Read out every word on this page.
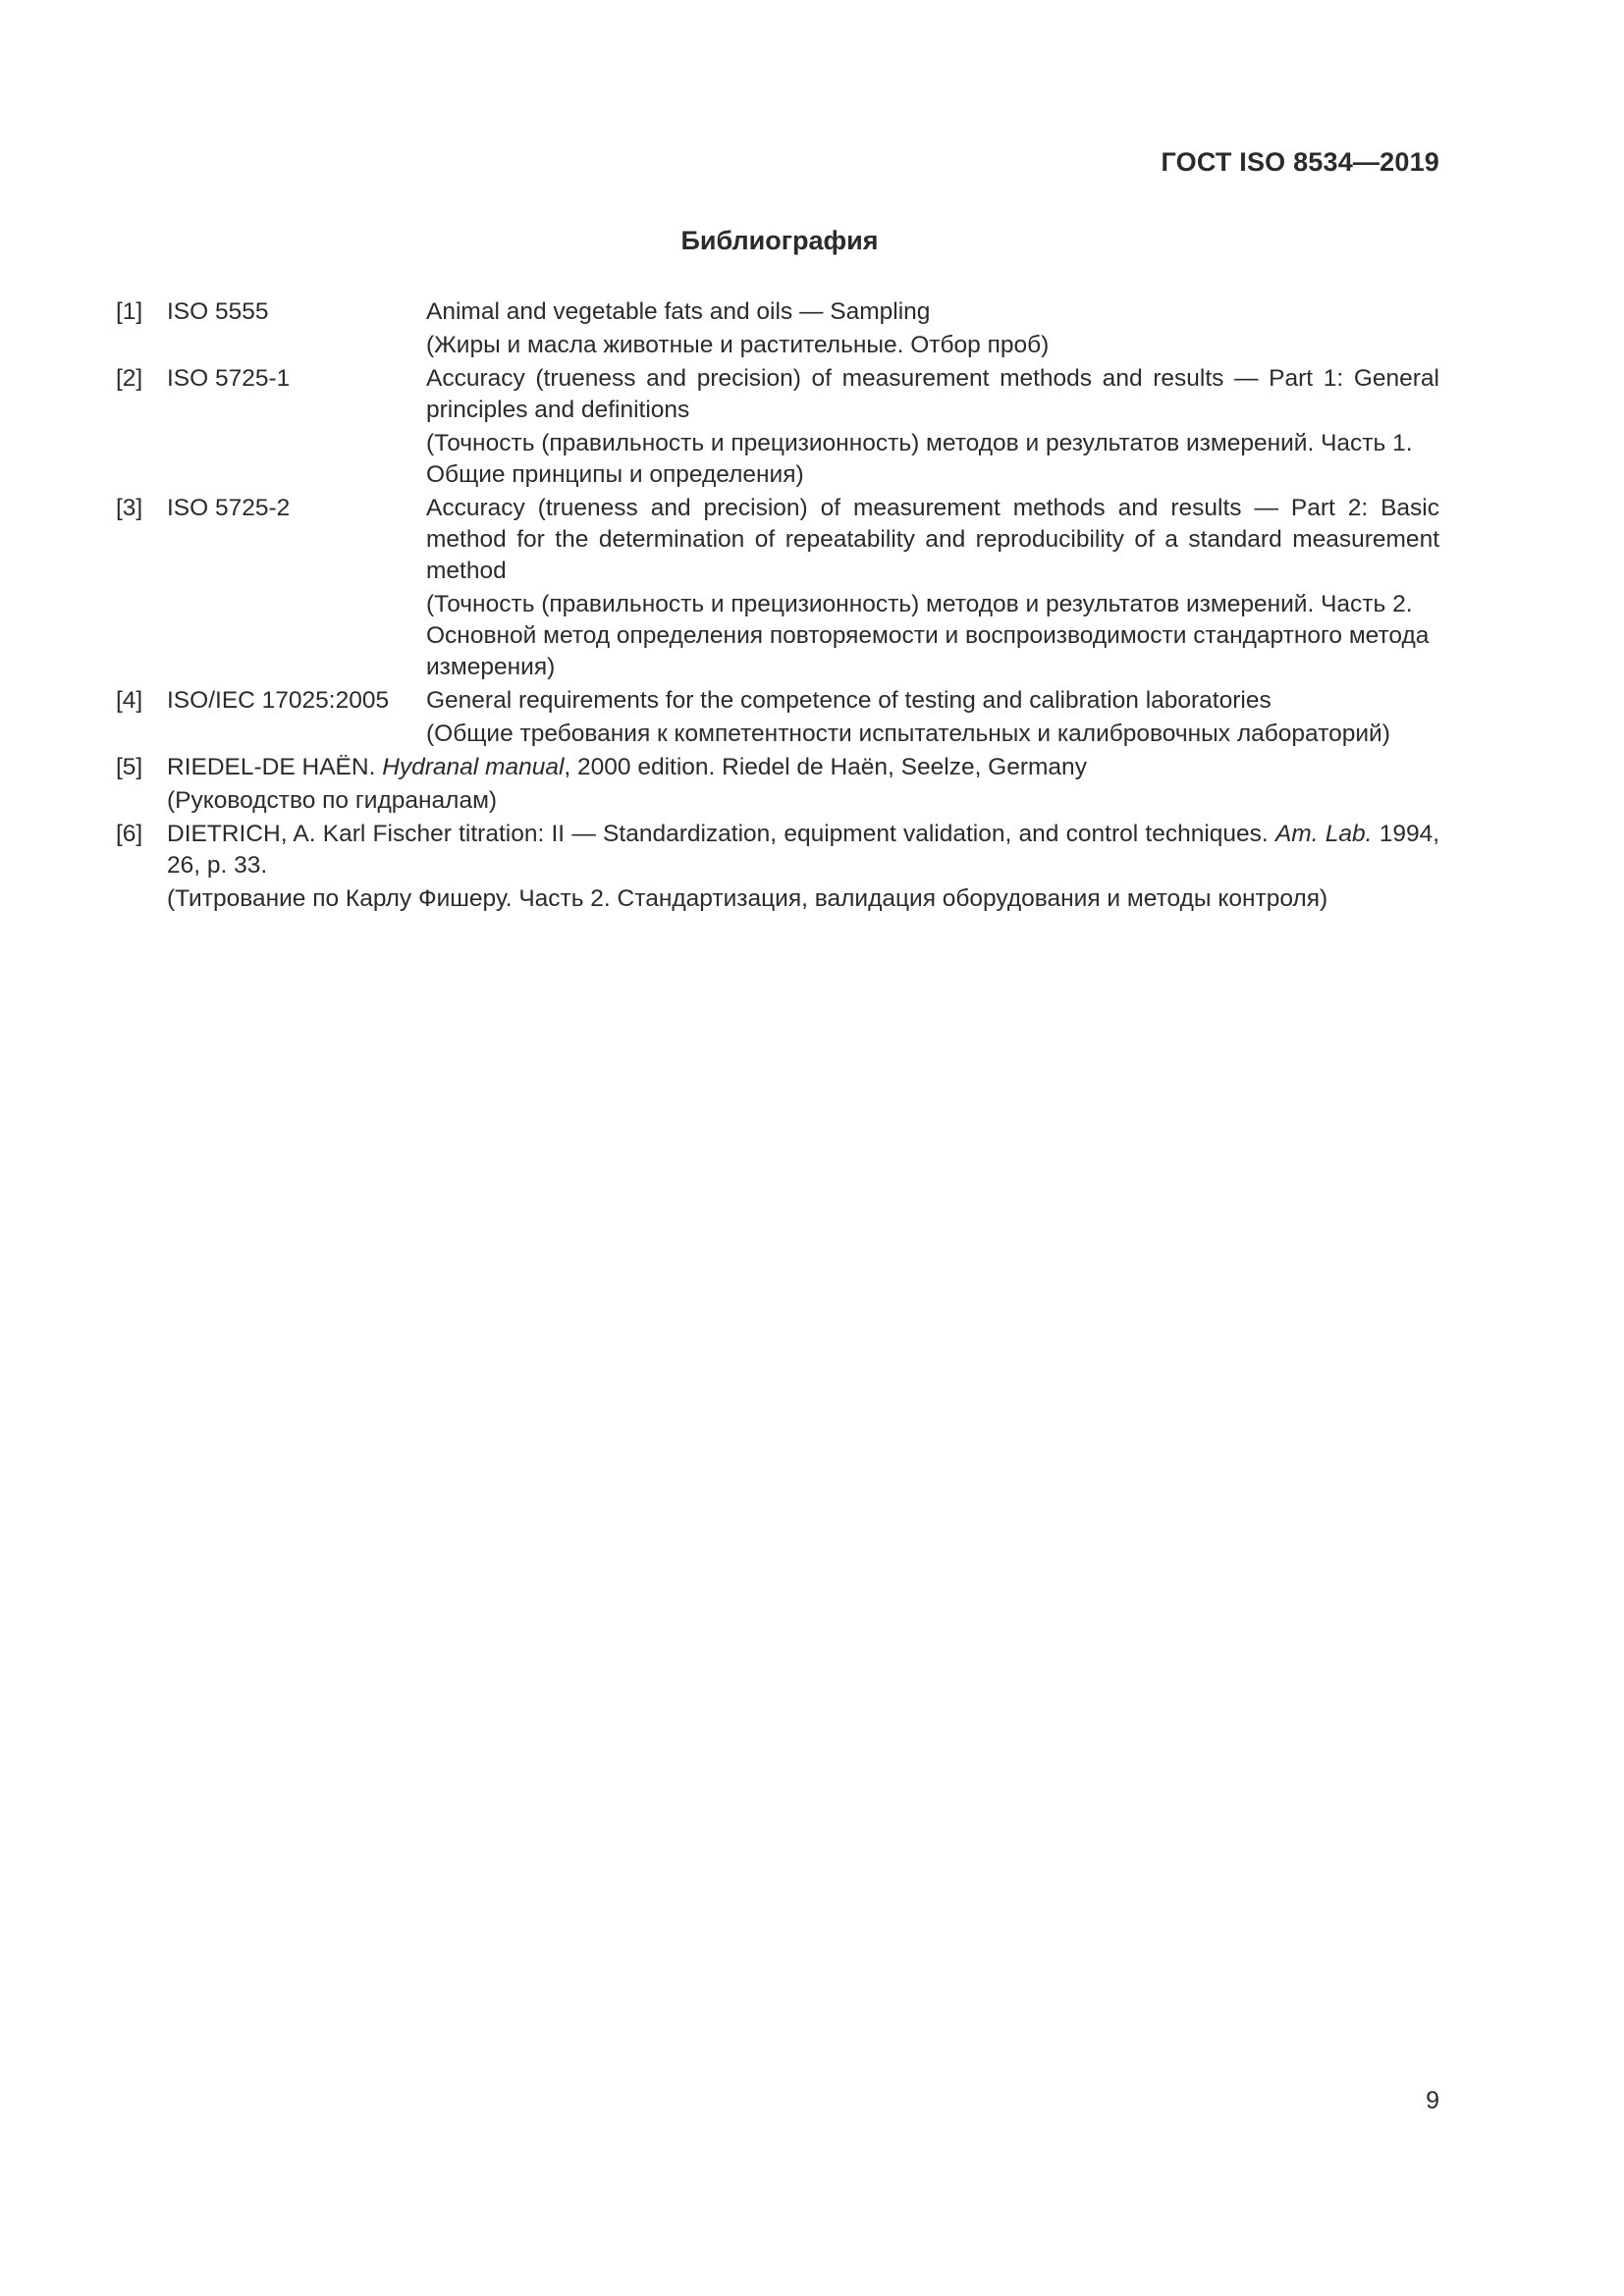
ГОСТ ISO 8534—2019
Библиография
[1] ISO 5555	Animal and vegetable fats and oils — Sampling

(Жиры и масла животные и растительные. Отбор проб)

[2] ISO 5725-1	Accuracy (trueness and precision) of measurement methods and results — Part 1: General principles and definitions

(Точность (правильность и прецизионность) методов и результатов измерений. Часть 1. Общие принципы и определения)

[3] ISO 5725-2	Accuracy (trueness and precision) of measurement methods and results — Part 2: Basic method for the determination of repeatability and reproducibility of a standard measurement method

(Точность (правильность и прецизионность) методов и результатов измерений. Часть 2. Основной метод определения повторяемости и воспроизводимости стандартного метода измерения)

[4] ISO/IEC 17025:2005 General requirements for the competence of testing and calibration laboratories

(Общие требования к компетентности испытательных и калибровочных лабораторий)

[5] RIEDEL-DE HAËN. Hydranal manual, 2000 edition. Riedel de Haën, Seelze, Germany

(Руководство по гидраналам)

[6] DIETRICH, A. Karl Fischer titration: II — Standardization, equipment validation, and control techniques. Am. Lab. 1994, 26, p. 33.

(Титрование по Карлу Фишеру. Часть 2. Стандартизация, валидация оборудования и методы контроля)

9
